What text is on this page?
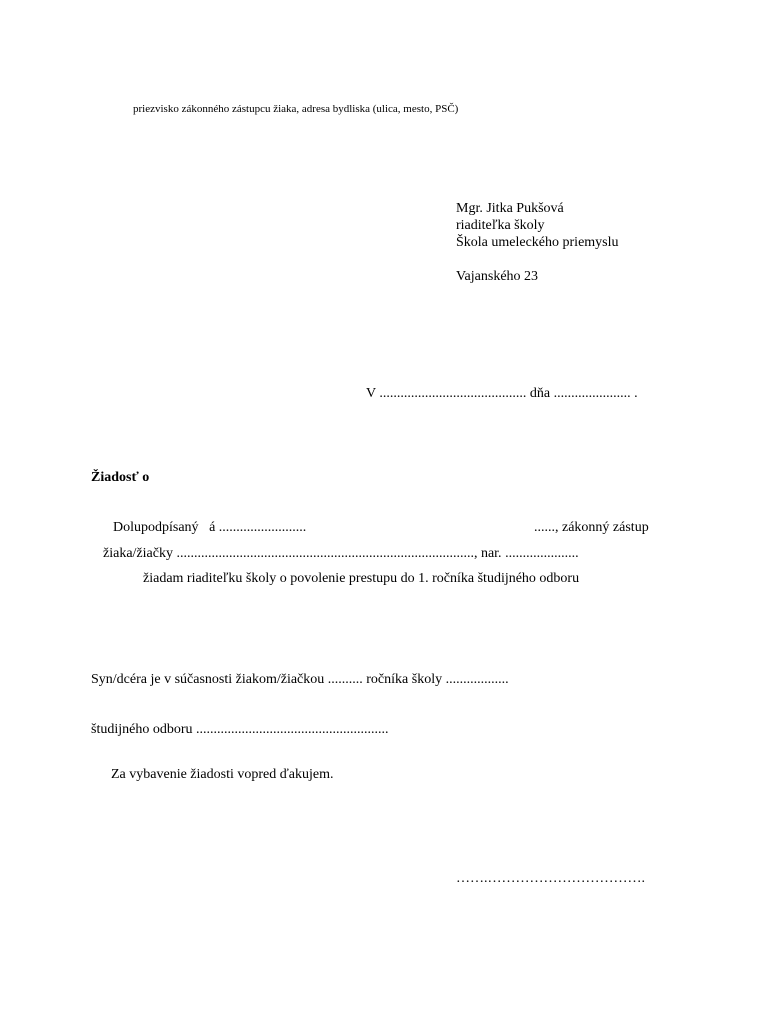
priezvisko zákonného zástupcu žiaka, adresa bydliska (ulica, mesto, PSČ)
Mgr. Jitka Pukšová
riaditeľka školy
Škola umeleckého priemyslu
Vajanského 23
V .......................................... dňa ...................... .
Žiadosť o
Dolupodpísaný á .........................	......, zákonný zástup
žiaka/žiačky ....................................................................................., nar. .....................
žiadam riaditeľku školy o povolenie prestupu do 1. ročníka študijného odboru
Syn/dcéra je v súčasnosti žiakom/žiačkou .......... ročníka školy ..................
študijného odboru .......................................................
Za vybavenie žiadosti vopred ďakujem.
…….…………………………….
